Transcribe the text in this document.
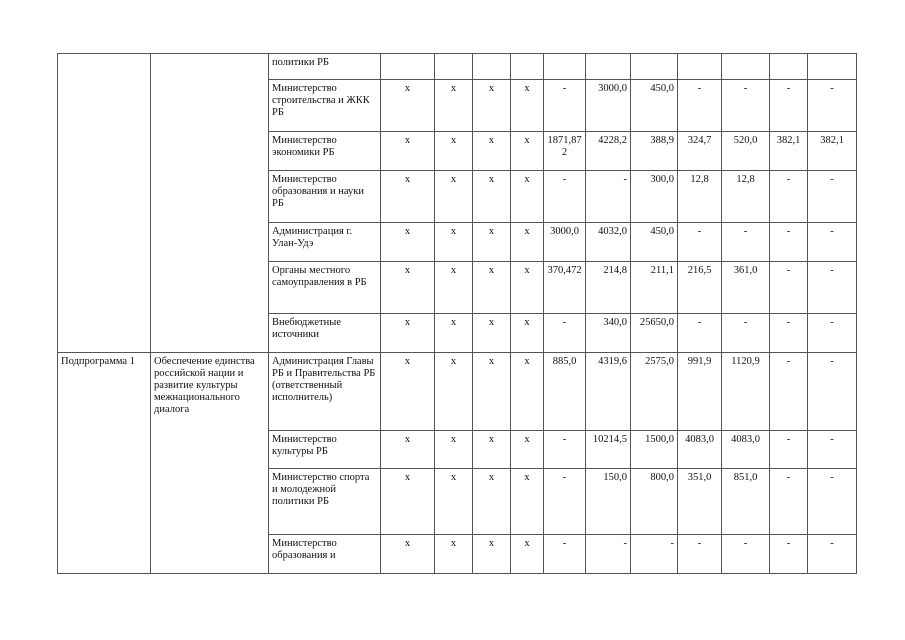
		политики РБ											
		Министерство строительства и ЖКК РБ	x	x	x	x	-	3000,0	450,0	-	-	-	-
		Министерство экономики РБ	x	x	x	x	1871,87 2	4228,2	388,9	324,7	520,0	382,1	382,1
		Министерство образования и науки РБ	x	x	x	x	-	-	300,0	12,8	12,8	-	-
		Администрация г. Улан-Удэ	x	x	x	x	3000,0	4032,0	450,0	-	-	-	-
		Органы местного самоуправления в РБ	x	x	x	x	370,472	214,8	211,1	216,5	361,0	-	-
		Внебюджетные источники	x	x	x	x	-	340,0	25650,0	-	-	-	-
Подпрограмма 1	Обеспечение единства российской нации и развитие культуры межнационального диалога	Администрация Главы РБ и Правительства РБ (ответственный исполнитель)	x	x	x	x	885,0	4319,6	2575,0	991,9	1120,9	-	-
		Министерство культуры РБ	x	x	x	x	-	10214,5	1500,0	4083,0	4083,0	-	-
		Министерство спорта и молодежной политики РБ	x	x	x	x	-	150,0	800,0	351,0	851,0	-	-
		Министерство образования и	x	x	x	x	-	-	-	-	-	-	-
